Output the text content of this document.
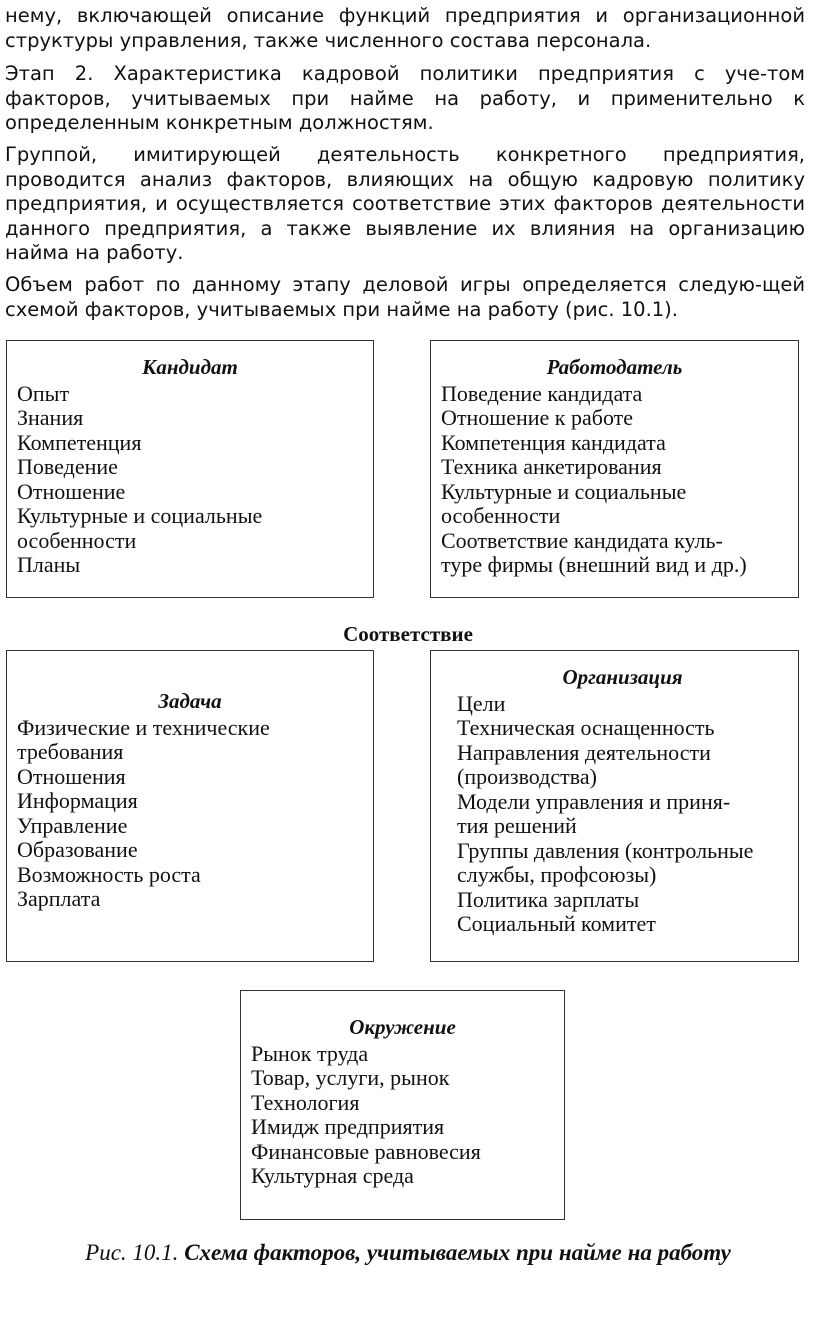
нему, включающей описание функций предприятия и организационной структуры управления, также численного состава персонала.

Этап 2. Характеристика кадровой политики предприятия с уче-том факторов, учитываемых при найме на работу, и применительно к определенным конкретным должностям.

Группой, имитирующей деятельность конкретного предприятия, проводится анализ факторов, влияющих на общую кадровую политику предприятия, и осуществляется соответствие этих факторов деятельности данного предприятия, а также выявление их влияния на организацию найма на работу.

Объем работ по данному этапу деловой игры определяется следую-щей схемой факторов, учитываемых при найме на работу (рис. 10.1).

Кандидат
Опыт
Знания
Компетенция
Поведение
Отношение
Культурные и социальные
особенности
Планы
Работодатель
Поведение кандидата
Отношение к работе
Компетенция кандидата
Техника анкетирования
Культурные и социальные
особенности
Соответствие кандидата куль-
туре фирмы (внешний вид и др.)
Соответствие
Задача
Физические и технические
требования
Отношения
Информация
Управление
Образование
Возможность роста
Зарплата
Организация
Цели
Техническая оснащенность
Направления деятельности
(производства)
Модели управления и приня-
тия решений
Группы давления (контрольные
службы, профсоюзы)
Политика зарплаты
Социальный комитет
Окружение
Рынок труда
Товар, услуги, рынок
Технология
Имидж предприятия
Финансовые равновесия
Культурная среда
Рис. 10.1. Схема факторов, учитываемых при найме на работу
